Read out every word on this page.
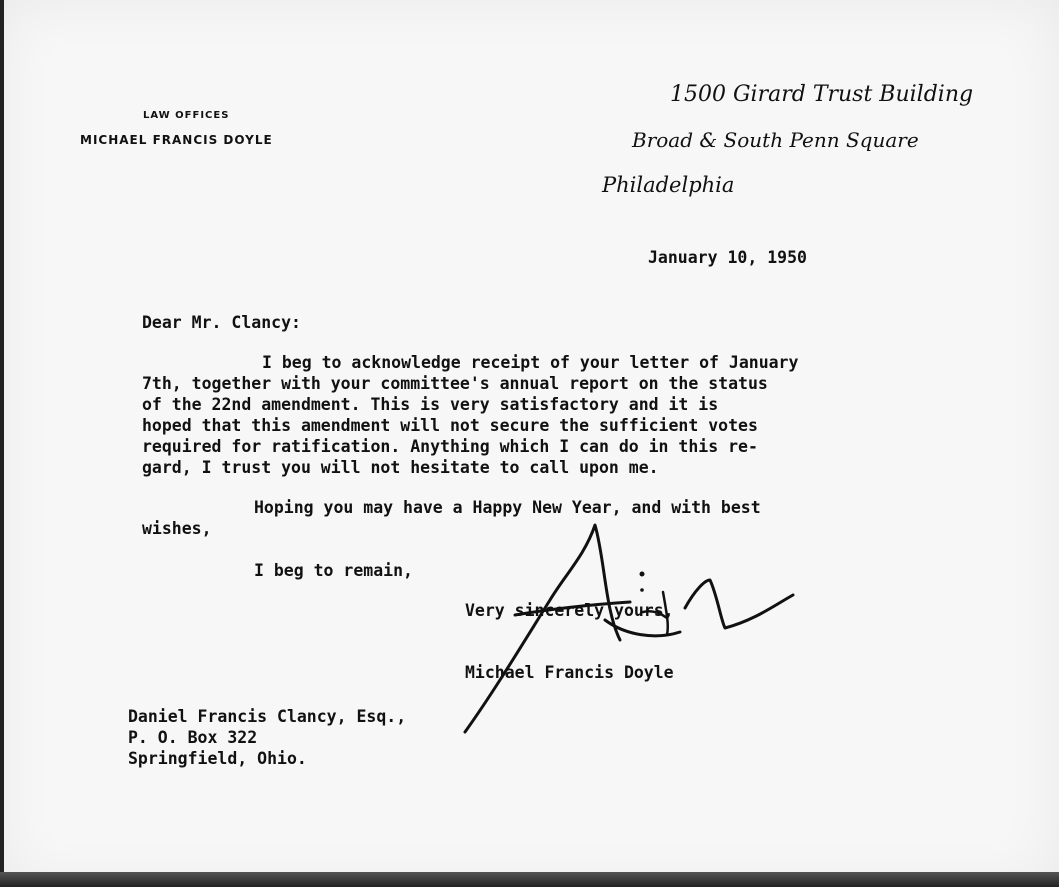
LAW OFFICES
MICHAEL FRANCIS DOYLE
1500 Girard Trust Building
Broad & South Penn Square
Philadelphia
January 10, 1950
Dear Mr. Clancy:
I beg to acknowledge receipt of your letter of January
7th, together with your committee's annual report on the status
of the 22nd amendment. This is very satisfactory and it is
hoped that this amendment will not secure the sufficient votes
required for ratification. Anything which I can do in this re-
gard, I trust you will not hesitate to call upon me.
Hoping you may have a Happy New Year, and with best
wishes,
I beg to remain,
Very sincerely yours,
Michael Francis Doyle
Daniel Francis Clancy, Esq.,
P. O. Box 322
Springfield, Ohio.
